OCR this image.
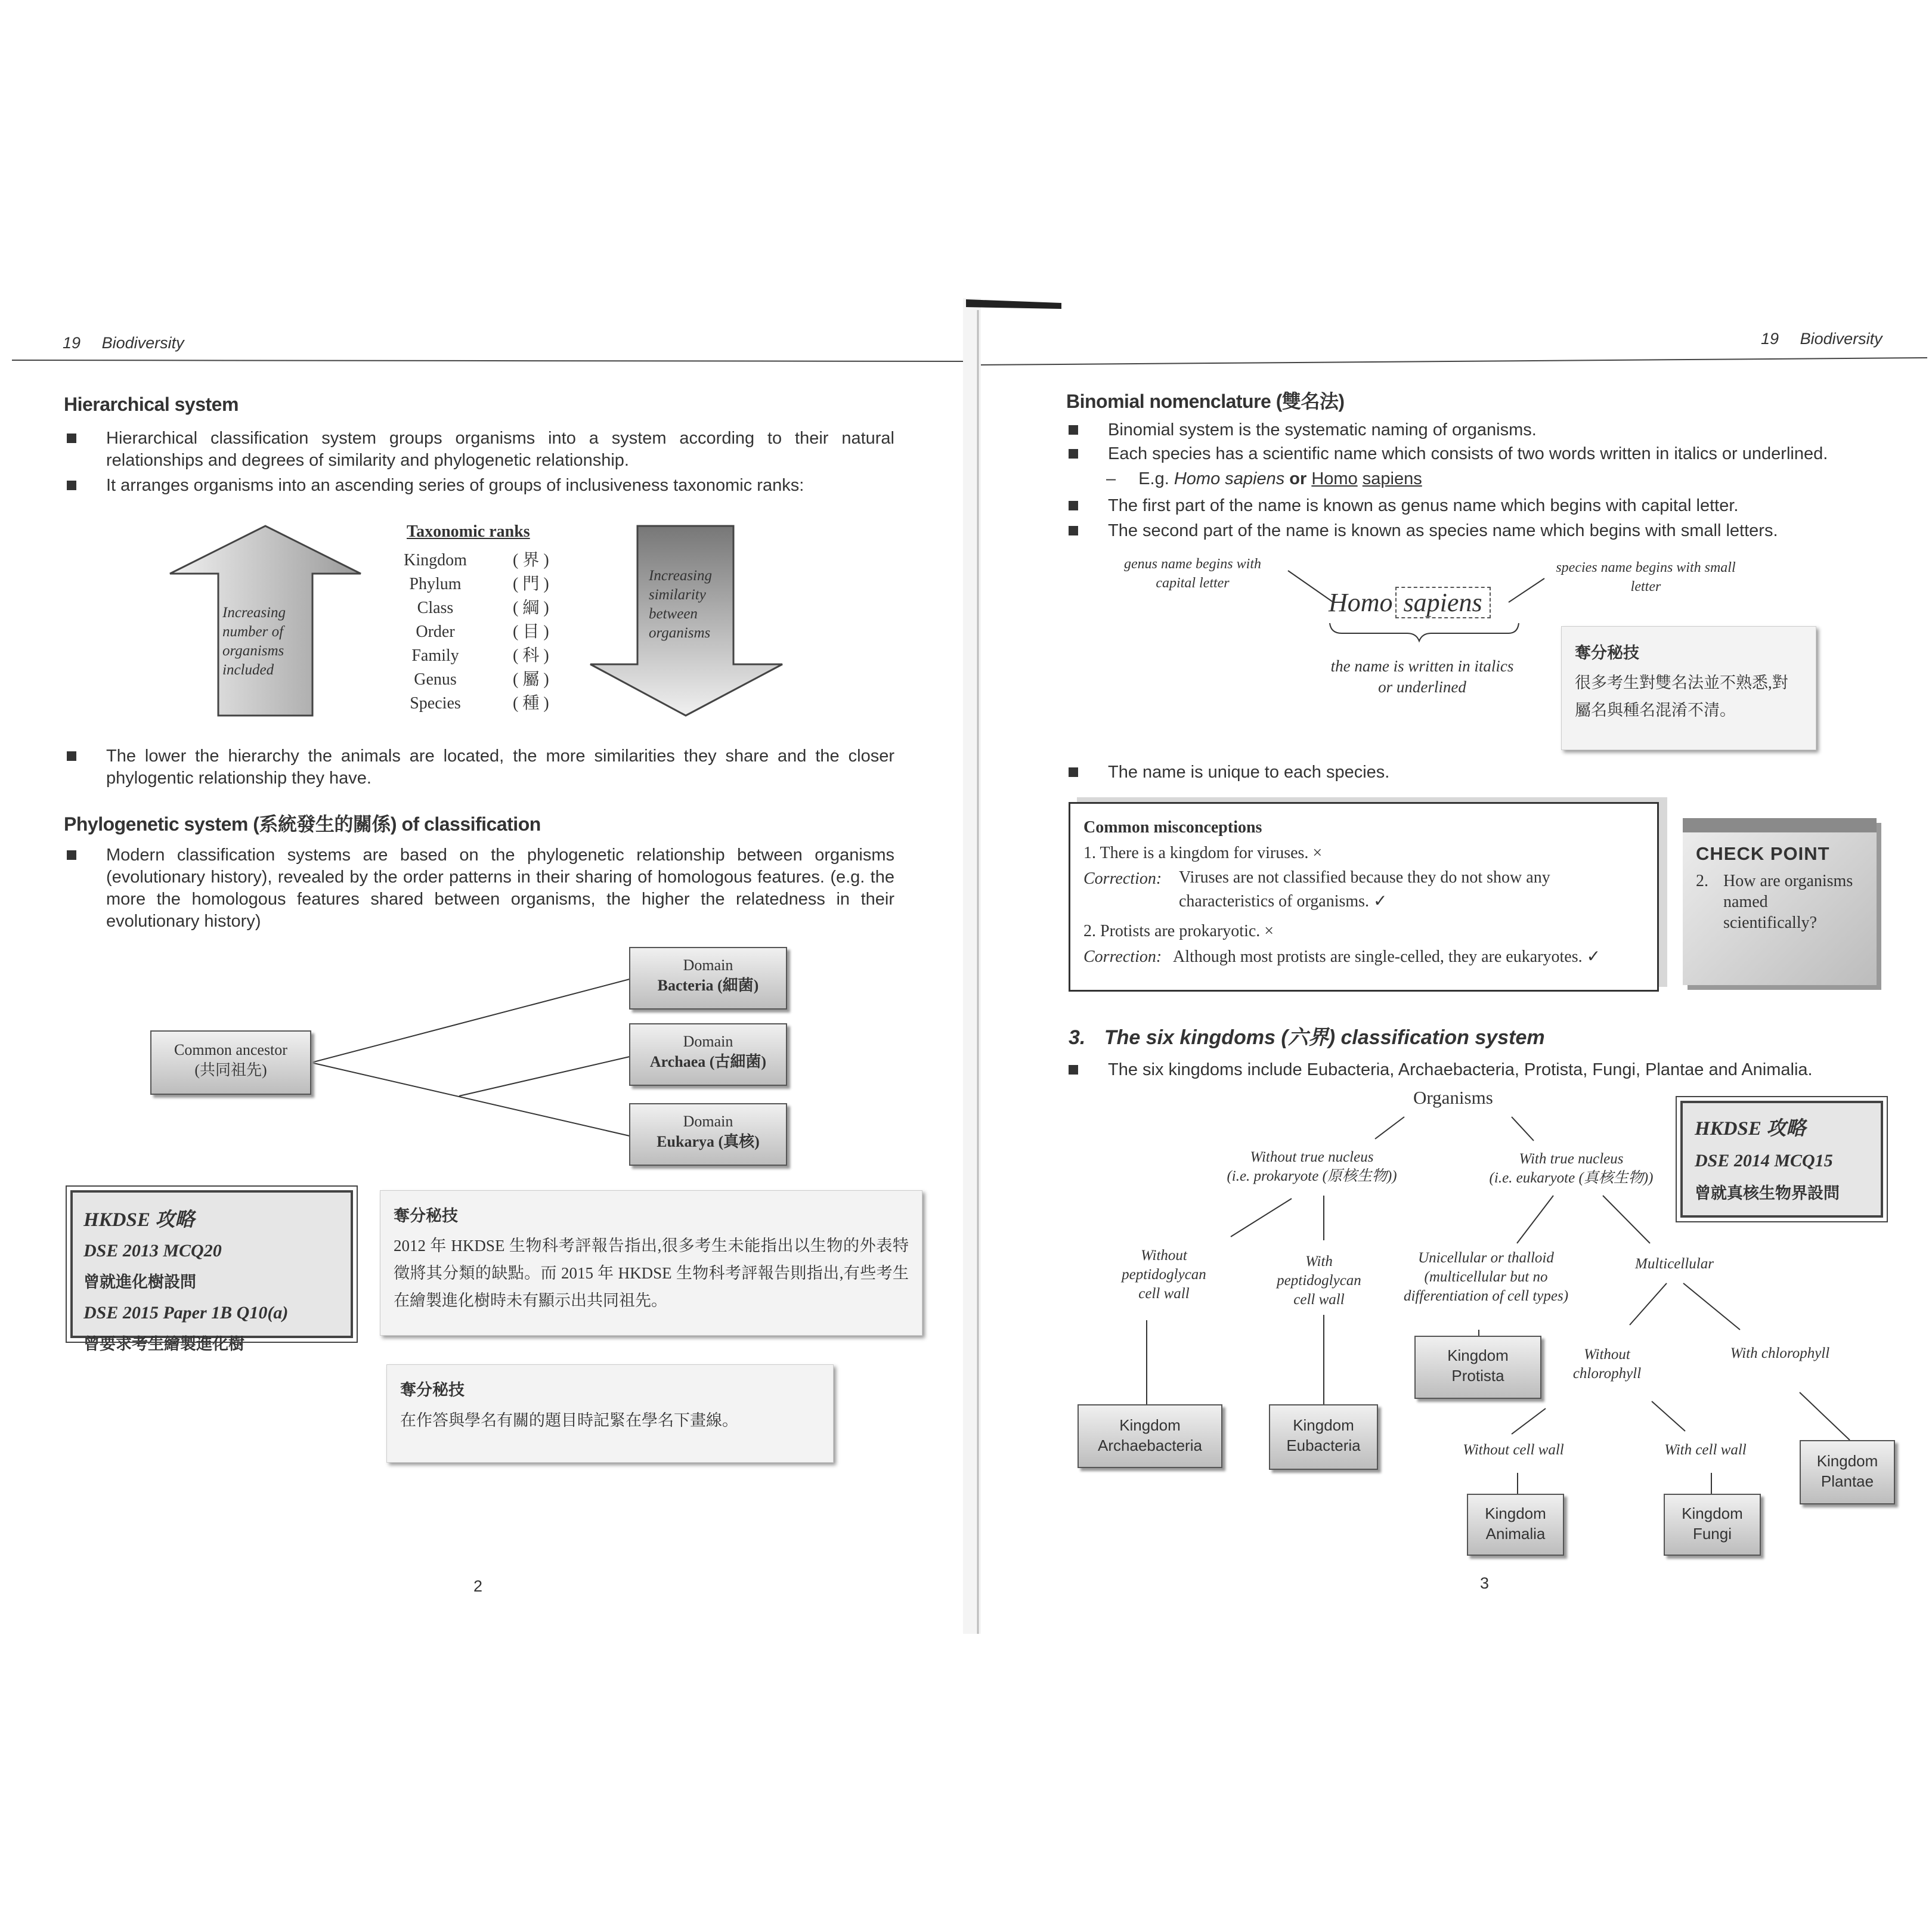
19 Biodiversity
Hierarchical system
Hierarchical classification system groups organisms into a system according to their natural relationships and degrees of similarity and phylogenetic relationship.
It arranges organisms into an ascending series of groups of inclusiveness taxonomic ranks:
Increasing number of organisms included
Increasing similarity between organisms
Taxonomic ranks
Kingdom	( 界 )
Phylum	( 門 )
Class	( 綱 )
Order	( 目 )
Family	( 科 )
Genus	( 屬 )
Species	( 種 )
The lower the hierarchy the animals are located, the more similarities they share and the closer phylogentic relationship they have.
Phylogenetic system (系統發生的關係) of classification
Modern classification systems are based on the phylogenetic relationship between organisms (evolutionary history), revealed by the order patterns in their sharing of homologous features. (e.g. the more the homologous features shared between organisms, the higher the relatedness in their evolutionary history)
Common ancestor
(共同祖先)
Domain
Bacteria (細菌)
Domain
Archaea (古細菌)
Domain
Eukarya (真核)
HKDSE 攻略
DSE 2013 MCQ20
曾就進化樹設問
DSE 2015 Paper 1B Q10(a)
曾要求考生繪製進化樹
奪分秘技
2012 年 HKDSE 生物科考評報告指出,很多考生未能指出以生物的外表特徵將其分類的缺點。而 2015 年 HKDSE 生物科考評報告則指出,有些考生在繪製進化樹時未有顯示出共同祖先。
奪分秘技
在作答與學名有關的題目時記緊在學名下畫線。
2
19 Biodiversity
Binomial nomenclature (雙名法)
Binomial system is the systematic naming of organisms.
Each species has a scientific name which consists of two words written in italics or underlined.
– E.g. Homo sapiens or Homo sapiens
The first part of the name is known as genus name which begins with capital letter.
The second part of the name is known as species name which begins with small letters.
genus name begins with capital letter
species name begins with small letter
Homo sapiens
the name is written in italics or underlined
奪分秘技
很多考生對雙名法並不熟悉,對屬名與種名混淆不清。
The name is unique to each species.
Common misconceptions
1. There is a kingdom for viruses. ×
Correction:	Viruses are not classified because they do not show any characteristics of organisms. ✓
2. Protists are prokaryotic. ×
Correction: Although most protists are single-celled, they are eukaryotes. ✓
CHECK POINT
2. How are organisms named scientifically?
3. The six kingdoms (六界) classification system
The six kingdoms include Eubacteria, Archaebacteria, Protista, Fungi, Plantae and Animalia.
Organisms
Without true nucleus
(i.e. prokaryote (原核生物))
With true nucleus
(i.e. eukaryote (真核生物))
Without peptidoglycan cell wall
With peptidoglycan cell wall
Unicellular or thalloid (multicellular but no differentiation of cell types)
Multicellular
Without chlorophyll
With chlorophyll
Without cell wall	With cell wall
Kingdom
Archaebacteria
Kingdom
Eubacteria
Kingdom
Protista
Kingdom
Animalia
Kingdom
Fungi
Kingdom
Plantae
HKDSE 攻略
DSE 2014 MCQ15
曾就真核生物界設問
3
